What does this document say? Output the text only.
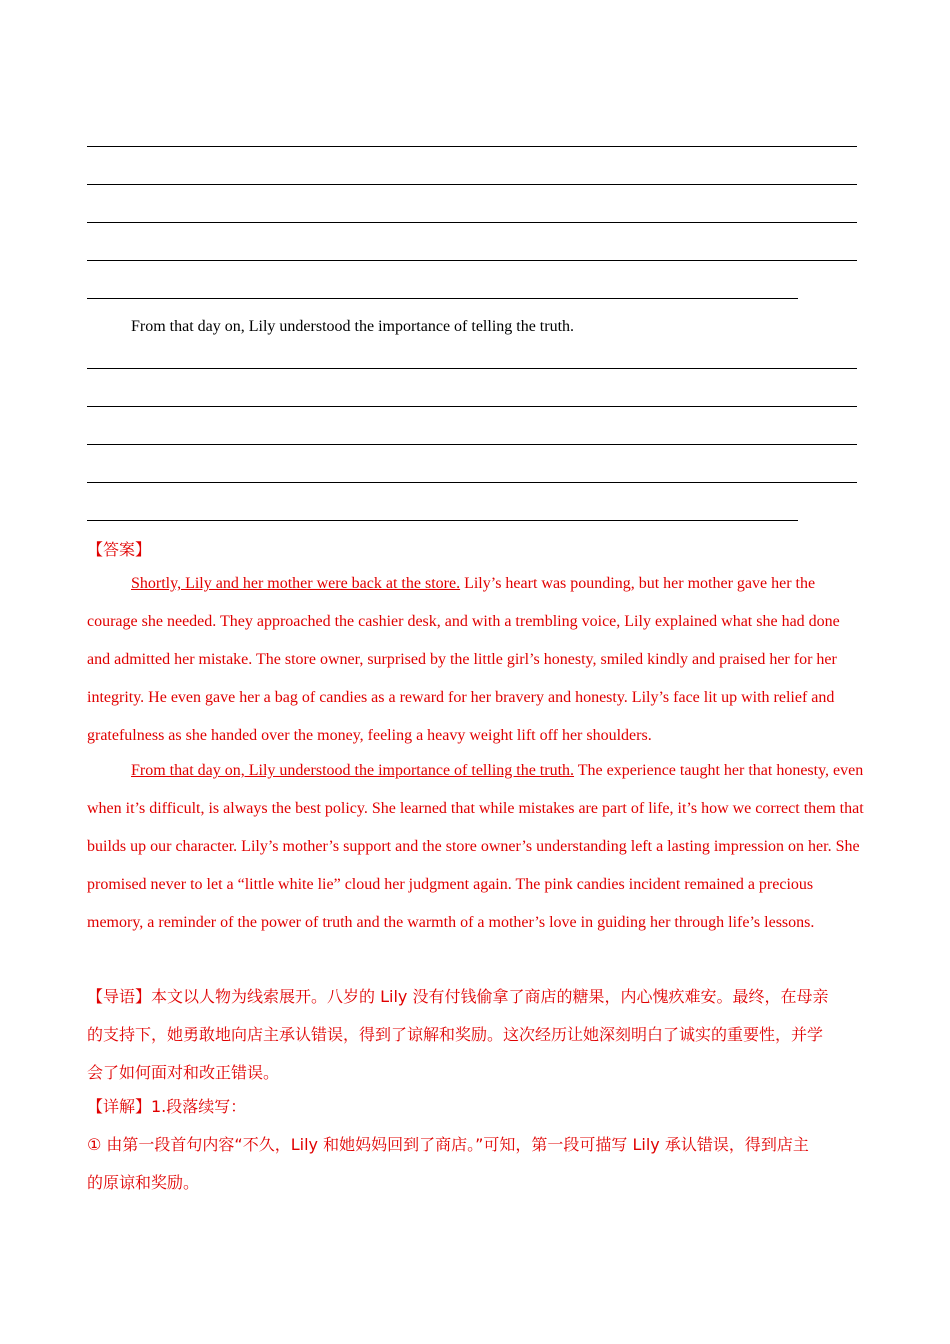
From that day on, Lily understood the importance of telling the truth.
【答案】

Shortly, Lily and her mother were back at the store. Lily’s heart was pounding, but her mother gave her the courage she needed. They approached the cashier desk, and with a trembling voice, Lily explained what she had done and admitted her mistake. The store owner, surprised by the little girl’s honesty, smiled kindly and praised her for her integrity. He even gave her a bag of candies as a reward for her bravery and honesty. Lily’s face lit up with relief and gratefulness as she handed over the money, feeling a heavy weight lift off her shoulders.

From that day on, Lily understood the importance of telling the truth. The experience taught her that honesty, even when it’s difficult, is always the best policy. She learned that while mistakes are part of life, it’s how we correct them that builds up our character. Lily’s mother’s support and the store owner’s understanding left a lasting impression on her. She promised never to let a “little white lie” cloud her judgment again. The pink candies incident remained a precious memory, a reminder of the power of truth and the warmth of a mother’s love in guiding her through life’s lessons.

【导语】本文以人物为线索展开。八岁的 Lily 没有付钱偷拿了商店的糖果，内心愧疚难安。最终，在母亲
的支持下，她勇敢地向店主承认错误，得到了谅解和奖励。这次经历让她深刻明白了诚实的重要性，并学
会了如何面对和改正错误。
【详解】1.段落续写：
① 由第一段首句内容“不久，Lily 和她妈妈回到了商店。”可知，第一段可描写 Lily 承认错误，得到店主
的原谅和奖励。
